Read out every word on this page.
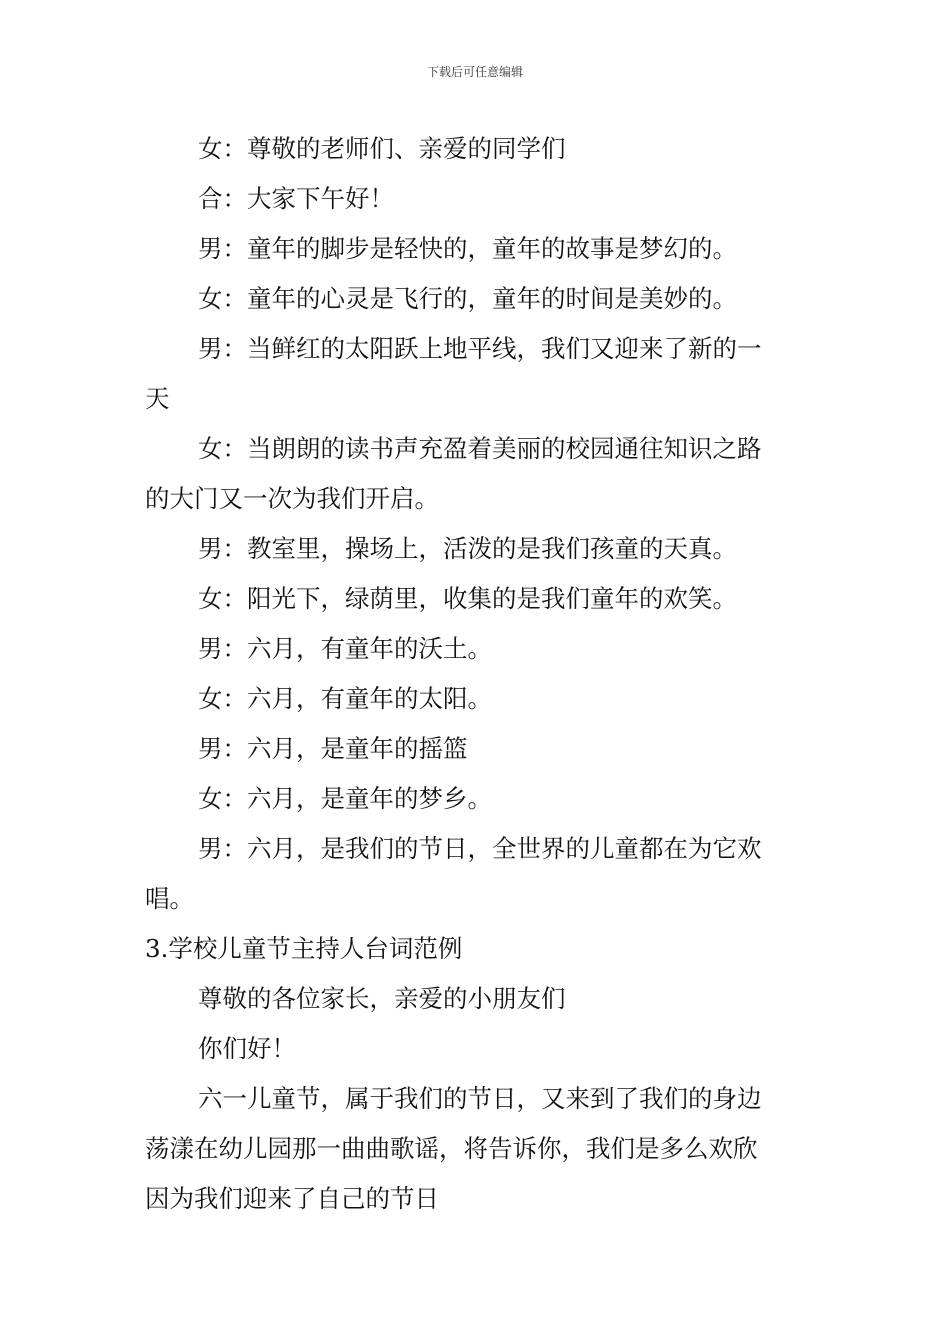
下载后可任意编辑
女：尊敬的老师们、亲爱的同学们
合：大家下午好！
男：童年的脚步是轻快的，童年的故事是梦幻的。
女：童年的心灵是飞行的，童年的时间是美妙的。
男：当鲜红的太阳跃上地平线，我们又迎来了新的一
天
女：当朗朗的读书声充盈着美丽的校园通往知识之路
的大门又一次为我们开启。
男：教室里，操场上，活泼的是我们孩童的天真。
女：阳光下，绿荫里，收集的是我们童年的欢笑。
男：六月，有童年的沃土。
女：六月，有童年的太阳。
男：六月，是童年的摇篮
女：六月，是童年的梦乡。
男：六月，是我们的节日，全世界的儿童都在为它欢
唱。
3.学校儿童节主持人台词范例
尊敬的各位家长，亲爱的小朋友们
你们好！
六一儿童节，属于我们的节日，又来到了我们的身边
荡漾在幼儿园那一曲曲歌谣，将告诉你，我们是多么欢欣
因为我们迎来了自己的节日
